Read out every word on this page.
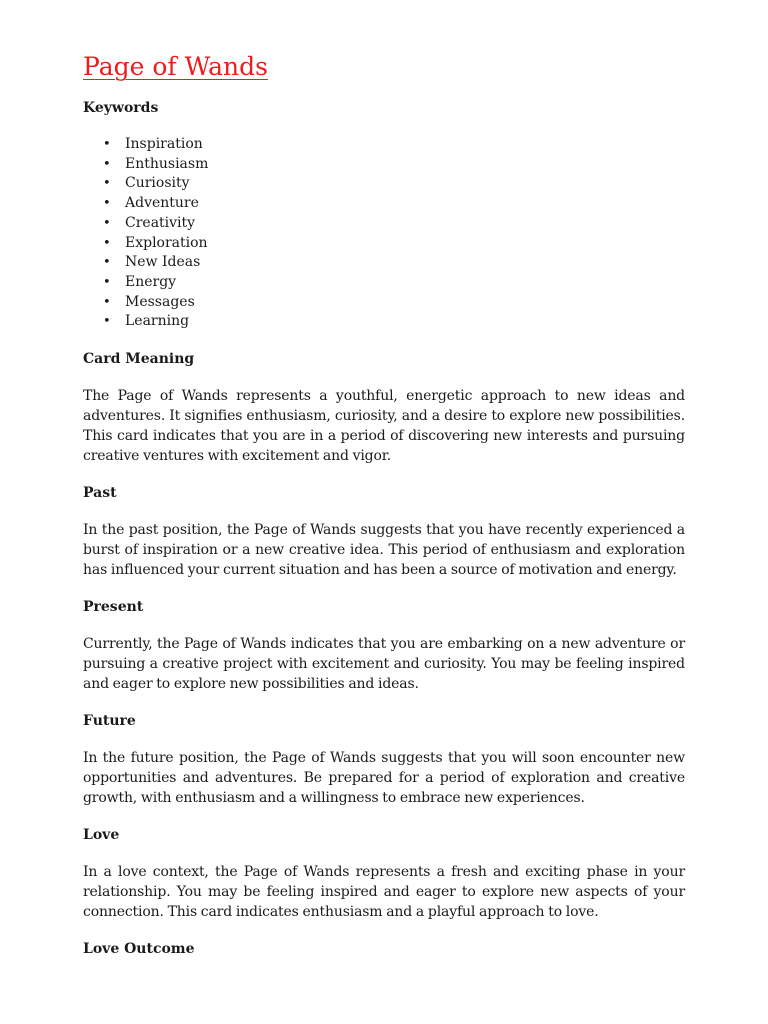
Page of Wands
Keywords
• Inspiration
• Enthusiasm
• Curiosity
• Adventure
• Creativity
• Exploration
• New Ideas
• Energy
• Messages
• Learning
Card Meaning

The Page of Wands represents a youthful, energetic approach to new ideas and adventures. It signifies enthusiasm, curiosity, and a desire to explore new possibilities. This card indicates that you are in a period of discovering new interests and pursuing creative ventures with excitement and vigor.

Past

In the past position, the Page of Wands suggests that you have recently experienced a burst of inspiration or a new creative idea. This period of enthusiasm and exploration has influenced your current situation and has been a source of motivation and energy.

Present

Currently, the Page of Wands indicates that you are embarking on a new adventure or pursuing a creative project with excitement and curiosity. You may be feeling inspired and eager to explore new possibilities and ideas.

Future

In the future position, the Page of Wands suggests that you will soon encounter new opportunities and adventures. Be prepared for a period of exploration and creative growth, with enthusiasm and a willingness to embrace new experiences.

Love

In a love context, the Page of Wands represents a fresh and exciting phase in your relationship. You may be feeling inspired and eager to explore new aspects of your connection. This card indicates enthusiasm and a playful approach to love.

Love Outcome
